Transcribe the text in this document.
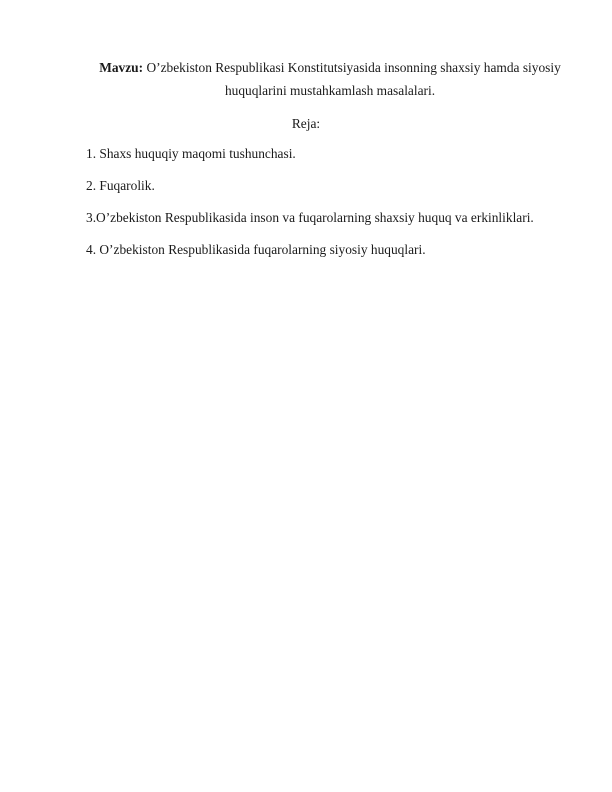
Mavzu: O’zbekiston Respublikasi Konstitutsiyasida insonning shaxsiy hamda siyosiy huquqlarini mustahkamlash masalalari.
Reja:
1. Shaxs huquqiy maqomi tushunchasi.
2. Fuqarolik.
3.O’zbekiston Respublikasida inson va fuqarolarning shaxsiy huquq va erkinliklari.
4. O’zbekiston Respublikasida fuqarolarning siyosiy huquqlari.
